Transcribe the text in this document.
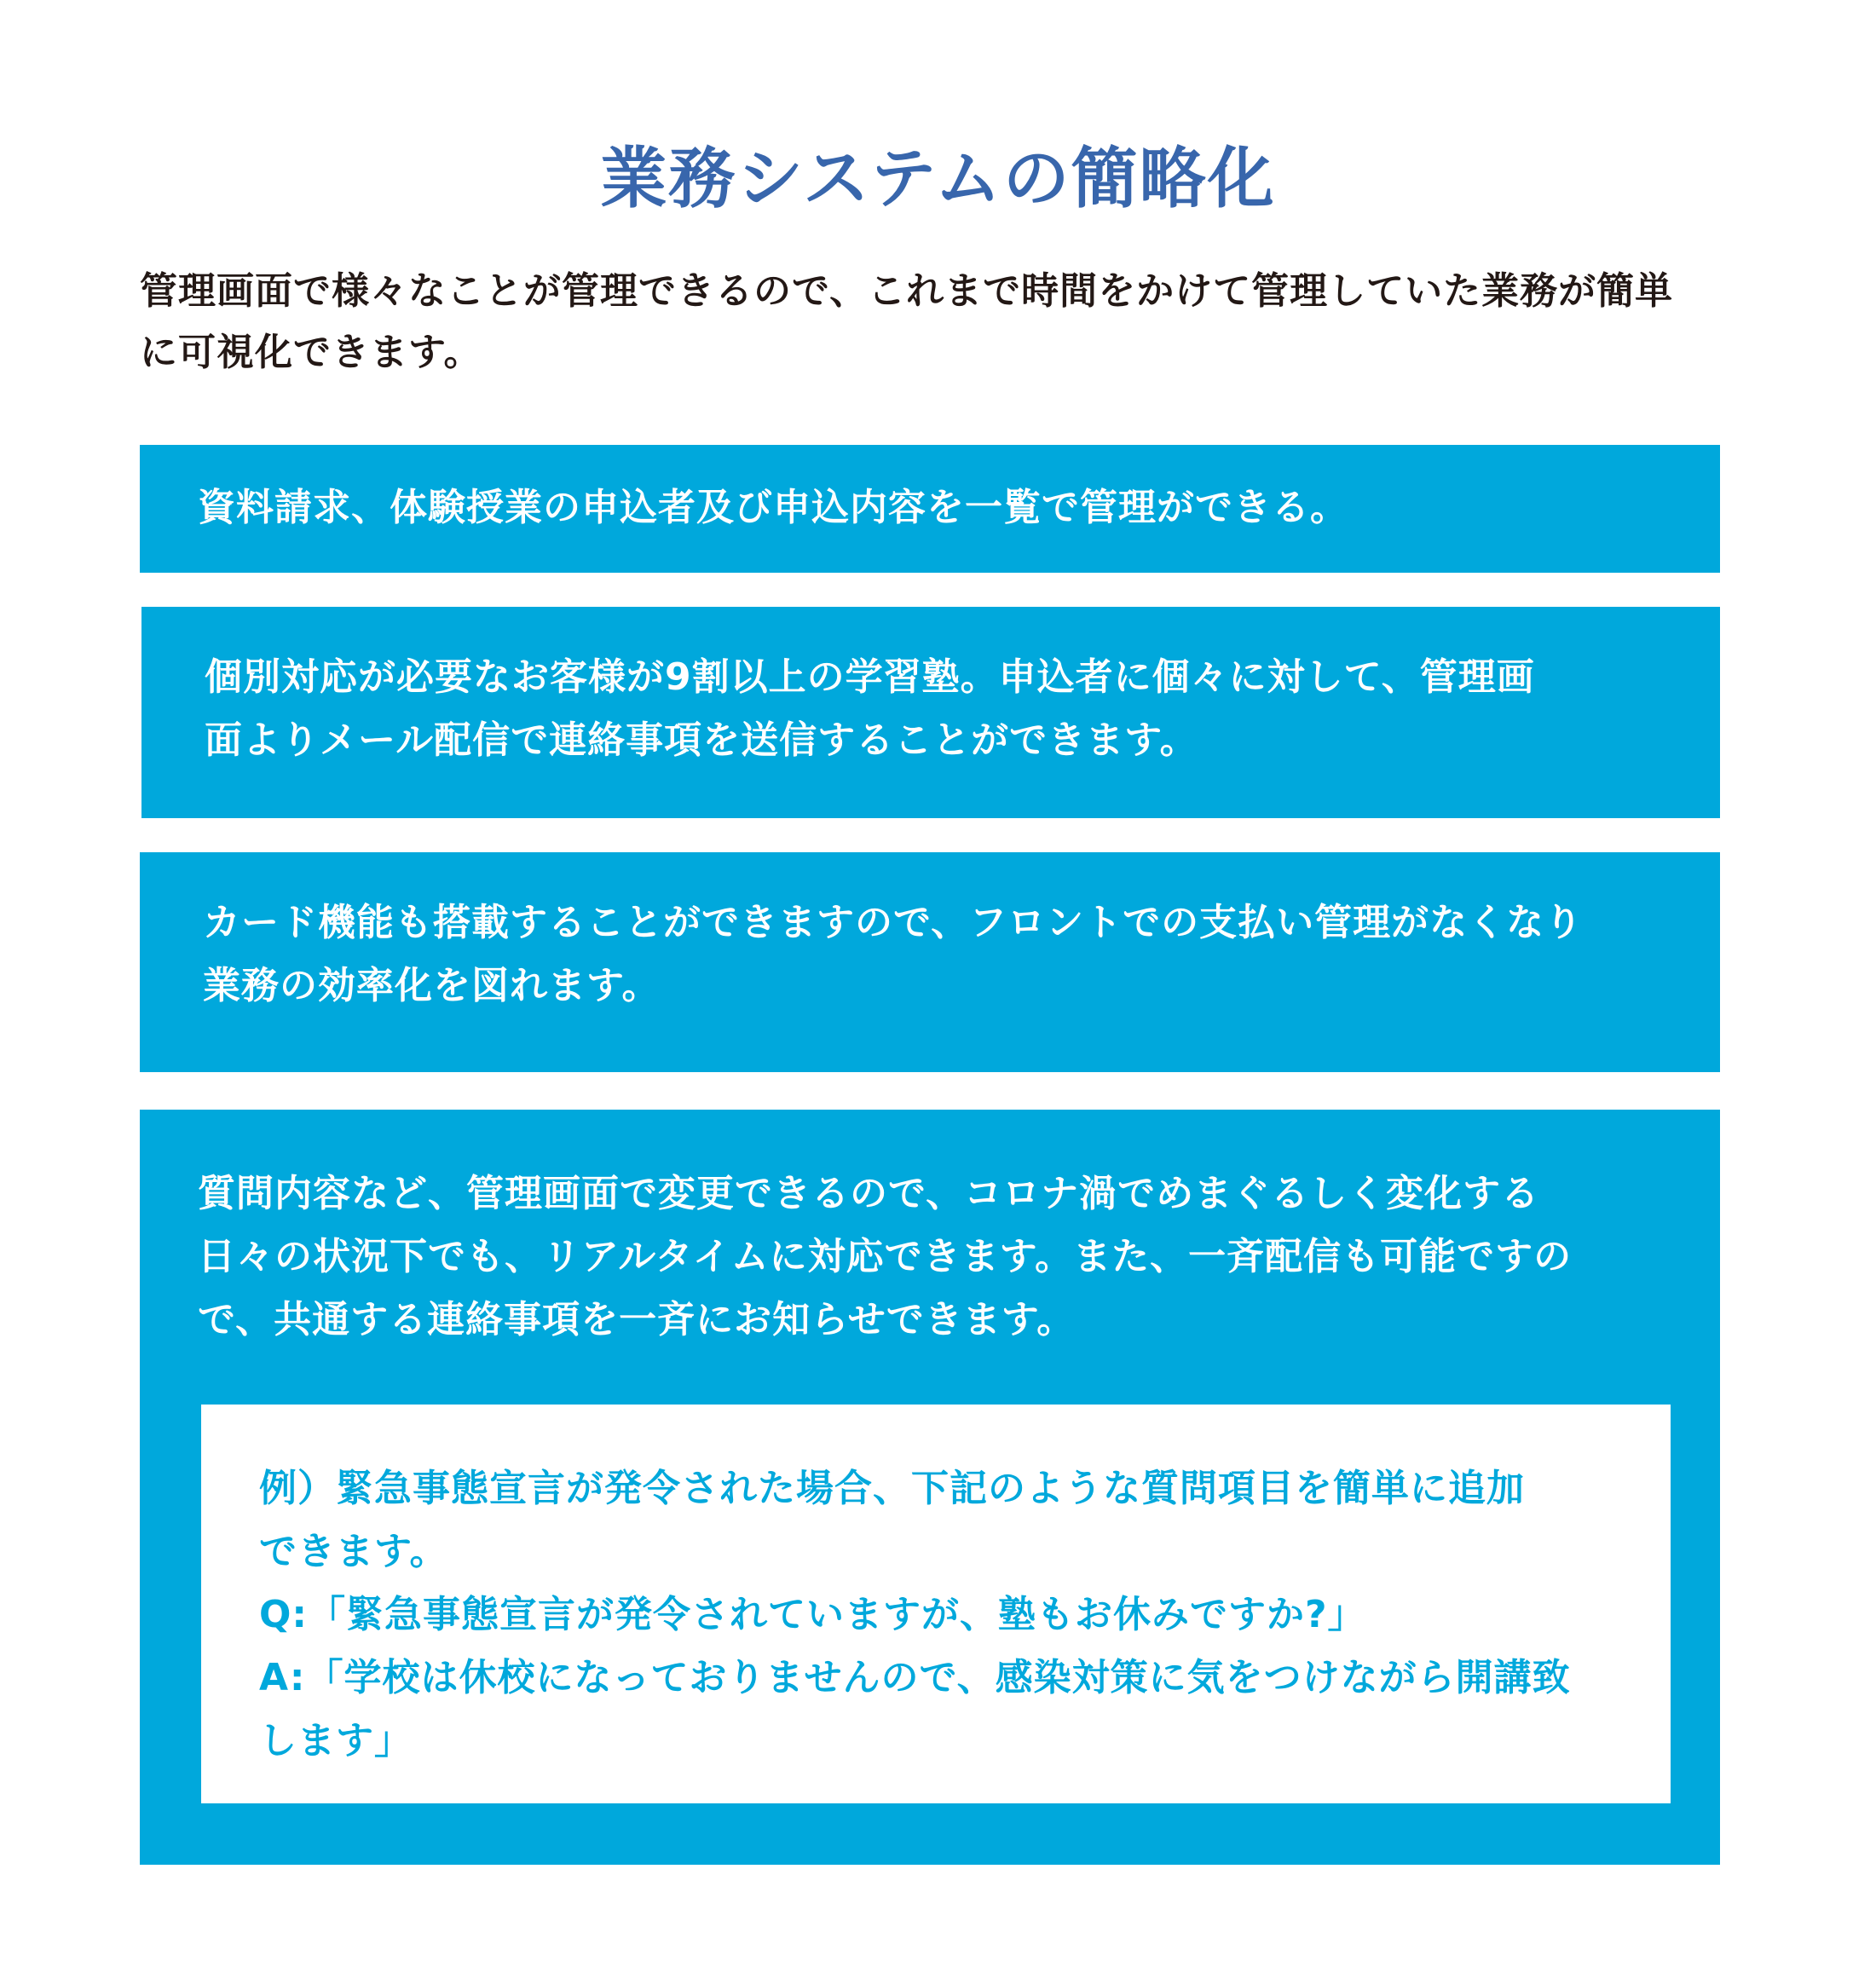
業務システムの簡略化
管理画面で様々なことが管理できるので、これまで時間をかけて管理していた業務が簡単
に可視化できます。
資料請求、体験授業の申込者及び申込内容を一覧で管理ができる。
個別対応が必要なお客様が9割以上の学習塾。申込者に個々に対して、管理画
面よりメール配信で連絡事項を送信することができます。
カード機能も搭載することができますので、フロントでの支払い管理がなくなり
業務の効率化を図れます。
質問内容など、管理画面で変更できるので、コロナ渦でめまぐるしく変化する
日々の状況下でも、リアルタイムに対応できます。また、一斉配信も可能ですの
で、共通する連絡事項を一斉にお知らせできます。
例）緊急事態宣言が発令された場合、下記のような質問項目を簡単に追加
できます。
Q:「緊急事態宣言が発令されていますが、塾もお休みですか?」
A:「学校は休校になっておりませんので、感染対策に気をつけながら開講致
します」
